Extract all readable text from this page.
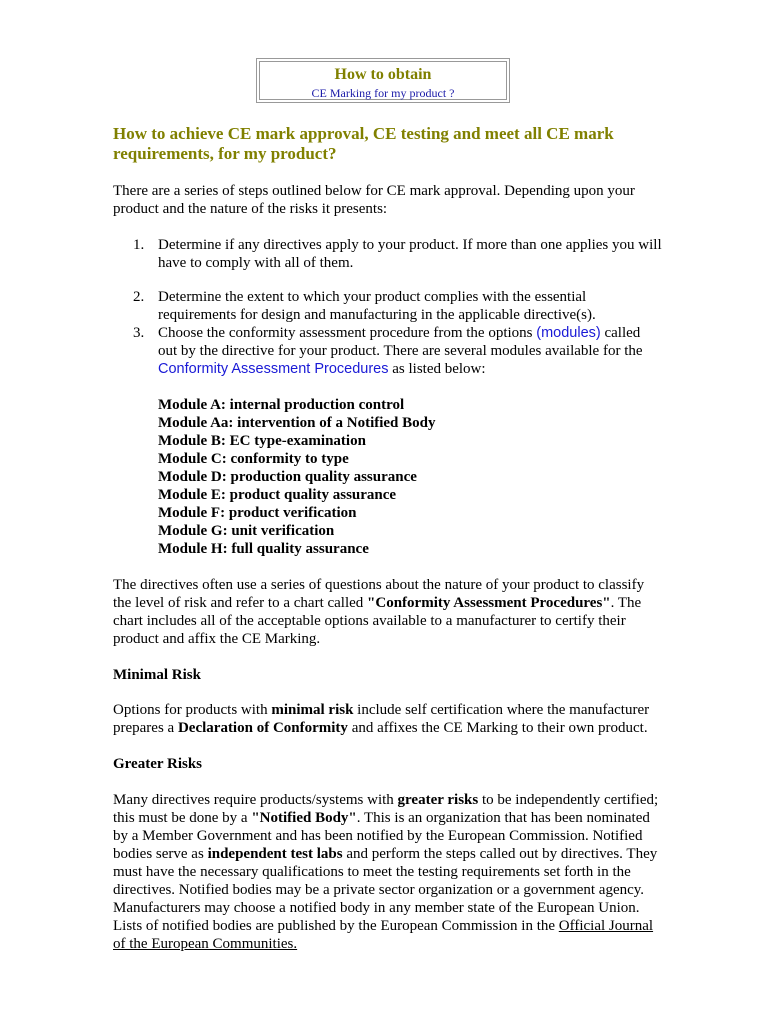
How to obtain
CE Marking for my product ?
How to achieve CE mark approval, CE testing and meet all CE mark requirements, for my product?

There are a series of steps outlined below for CE mark approval. Depending upon your product and the nature of the risks it presents:

1. Determine if any directives apply to your product. If more than one applies you will have to comply with all of them.
2. Determine the extent to which your product complies with the essential requirements for design and manufacturing in the applicable directive(s).
3. Choose the conformity assessment procedure from the options (modules) called out by the directive for your product. There are several modules available for the Conformity Assessment Procedures as listed below:
Module A: internal production control
Module Aa: intervention of a Notified Body
Module B: EC type-examination
Module C: conformity to type
Module D: production quality assurance
Module E: product quality assurance
Module F: product verification
Module G: unit verification
Module H: full quality assurance

The directives often use a series of questions about the nature of your product to classify the level of risk and refer to a chart called "Conformity Assessment Procedures". The chart includes all of the acceptable options available to a manufacturer to certify their product and affix the CE Marking.

Minimal Risk

Options for products with minimal risk include self certification where the manufacturer prepares a Declaration of Conformity and affixes the CE Marking to their own product.

Greater Risks

Many directives require products/systems with greater risks to be independently certified; this must be done by a "Notified Body". This is an organization that has been nominated by a Member Government and has been notified by the European Commission. Notified bodies serve as independent test labs and perform the steps called out by directives. They must have the necessary qualifications to meet the testing requirements set forth in the directives. Notified bodies may be a private sector organization or a government agency. Manufacturers may choose a notified body in any member state of the European Union. Lists of notified bodies are published by the European Commission in the Official Journal of the European Communities.
